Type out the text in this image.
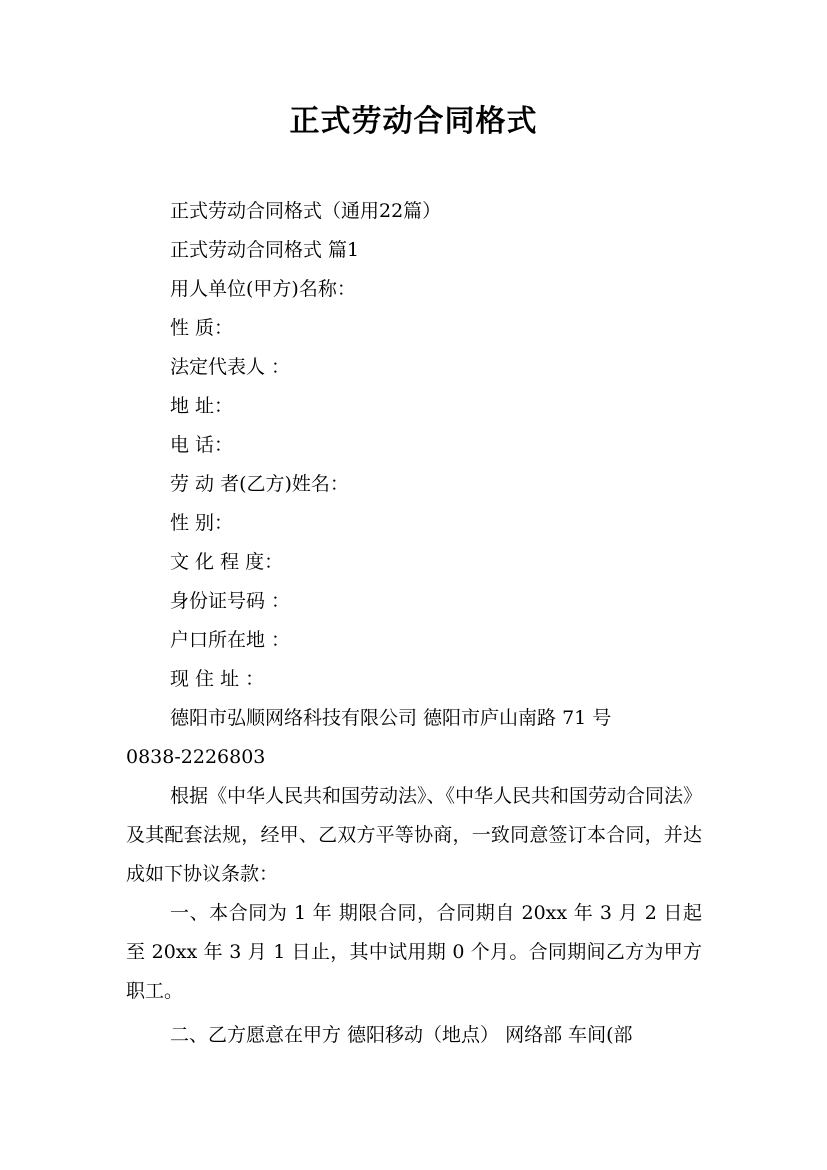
正式劳动合同格式

正式劳动合同格式（通用22篇）

正式劳动合同格式 篇1

用人单位(甲方)名称：

性 质：

法定代表人 ：

地 址：

电 话：

劳 动 者(乙方)姓名：

性 别：

文 化 程 度：

身份证号码 ：

户口所在地 ：

现 住 址 ：

德阳市弘顺网络科技有限公司 德阳市庐山南路 71 号
0838-2226803

根据《中华人民共和国劳动法》、《中华人民共和国劳动合同法》及其配套法规，经甲、乙双方平等协商，一致同意签订本合同，并达成如下协议条款：

一、本合同为 1 年 期限合同，合同期自 20xx 年 3 月 2 日起至 20xx 年 3 月 1 日止，其中试用期 0 个月。合同期间乙方为甲方职工。

二、乙方愿意在甲方 德阳移动（地点） 网络部 车间(部
